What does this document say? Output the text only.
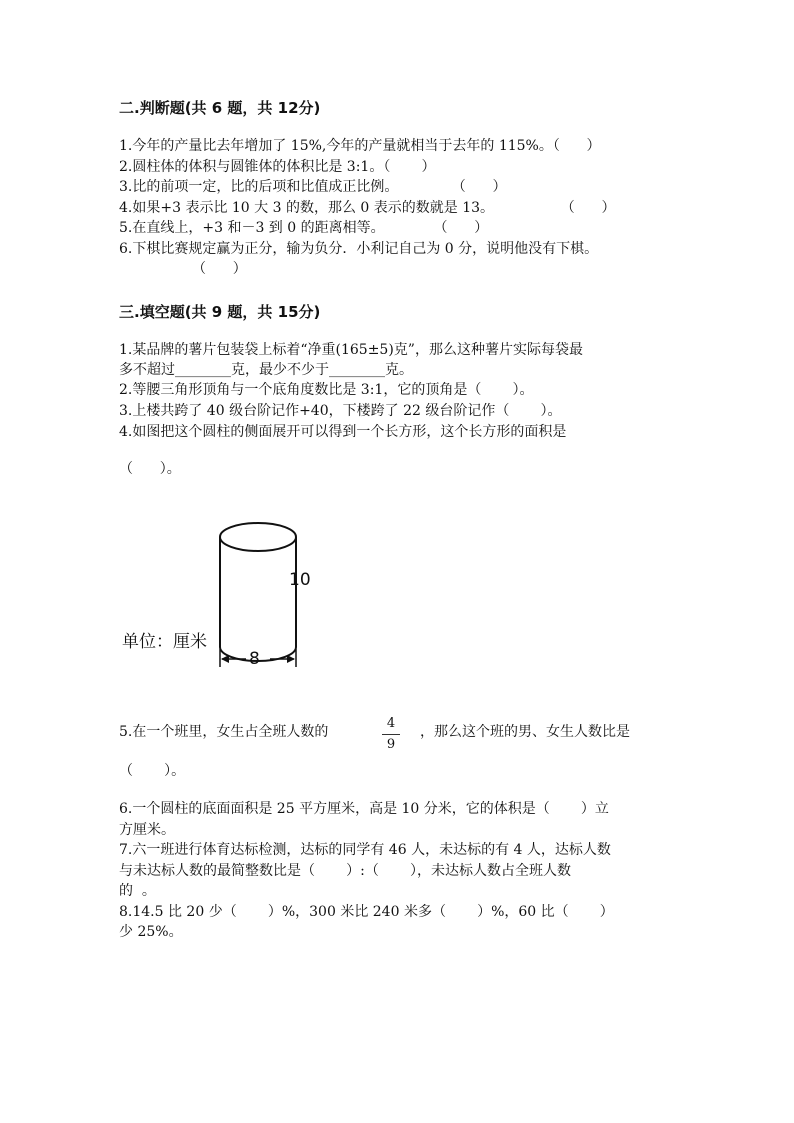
二.判断题(共 6 题，共 12分)
1.今年的产量比去年增加了 15%,今年的产量就相当于去年的 115%。（      ）
2.圆柱体的体积与圆锥体的体积比是 3:1。（       ）
3.比的前项一定，比的后项和比值成正比例。            （      ）
4.如果+3 表示比 10 大 3 的数，那么 0 表示的数就是 13。               （      ）
5.在直线上，+3 和－3 到 0 的距离相等。           （      ）
6.下棋比赛规定赢为正分，输为负分．小利记自己为 0 分，说明他没有下棋。
（      ）
三.填空题(共 9 题，共 15分)
1.某品牌的薯片包装袋上标着“净重(165±5)克”，那么这种薯片实际每袋最
多不超过________克，最少不少于________克。
2.等腰三角形顶角与一个底角度数比是 3:1，它的顶角是（       ）。
3.上楼共跨了 40 级台阶记作+40，下楼跨了 22 级台阶记作（       ）。
4.如图把这个圆柱的侧面展开可以得到一个长方形，这个长方形的面积是
（      ）。
10
8
单位：厘米
5.在一个班里，女生占全班人数的
4
9
，那么这个班的男、女生人数比是
（       ）。
6.一个圆柱的底面面积是 25 平方厘米，高是 10 分米，它的体积是（       ）立
方厘米。
7.六一班进行体育达标检测，达标的同学有 46 人，未达标的有 4 人，达标人数
与未达标人数的最简整数比是（       ）:（       ），未达标人数占全班人数
的  。
8.14.5 比 20 少（       ）%，300 米比 240 米多（       ）%，60 比（       ）
少 25%。
